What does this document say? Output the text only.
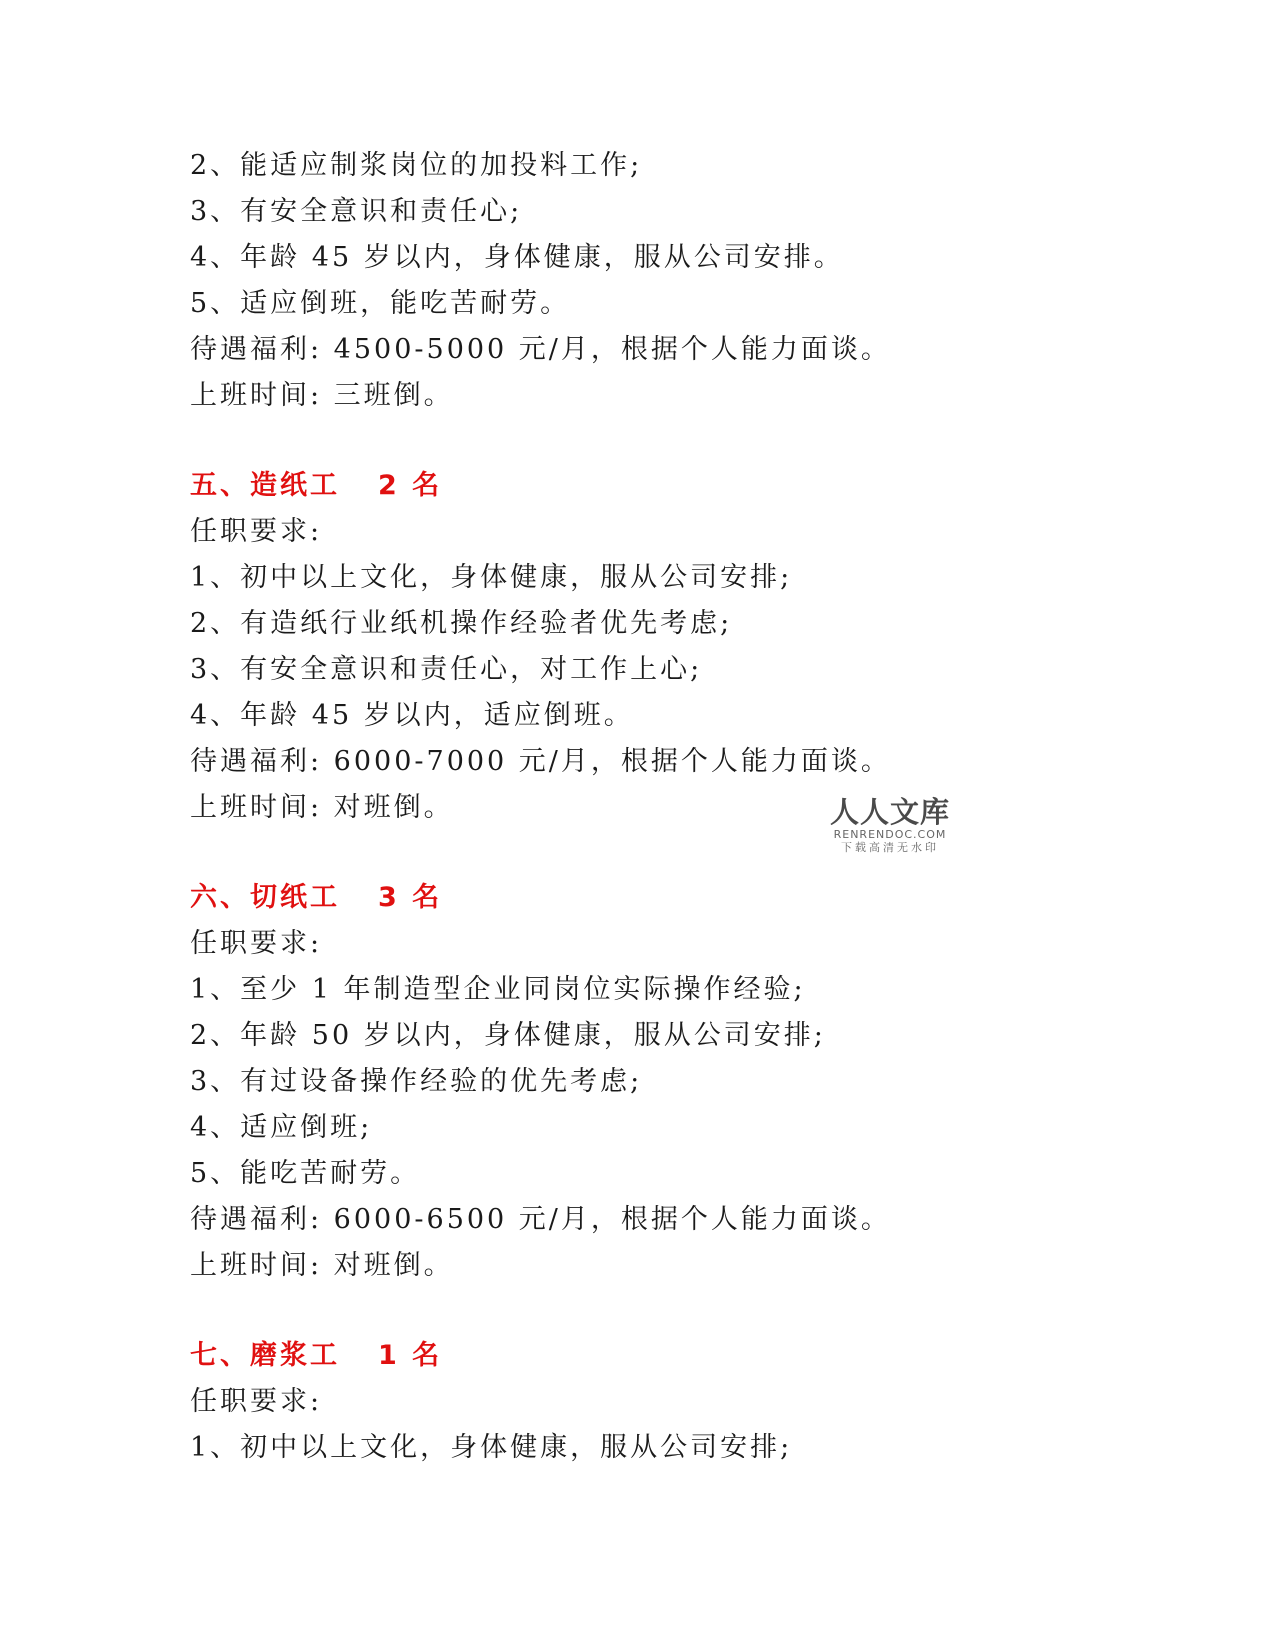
2、能适应制浆岗位的加投料工作;
3、有安全意识和责任心;
4、年龄 45 岁以内，身体健康，服从公司安排。
5、适应倒班，能吃苦耐劳。
待遇福利: 4500-5000 元/月，根据个人能力面谈。
上班时间: 三班倒。
五、造纸工 2 名
任职要求:
1、初中以上文化，身体健康，服从公司安排;
2、有造纸行业纸机操作经验者优先考虑;
3、有安全意识和责任心，对工作上心;
4、年龄 45 岁以内，适应倒班。
待遇福利: 6000-7000 元/月，根据个人能力面谈。
上班时间: 对班倒。
六、切纸工 3 名
任职要求:
1、至少 1 年制造型企业同岗位实际操作经验;
2、年龄 50 岁以内，身体健康，服从公司安排;
3、有过设备操作经验的优先考虑;
4、适应倒班;
5、能吃苦耐劳。
待遇福利: 6000-6500 元/月，根据个人能力面谈。
上班时间: 对班倒。
七、磨浆工 1 名
任职要求:
1、初中以上文化，身体健康，服从公司安排;
人人文库
RENRENDOC.COM
下载高清无水印
